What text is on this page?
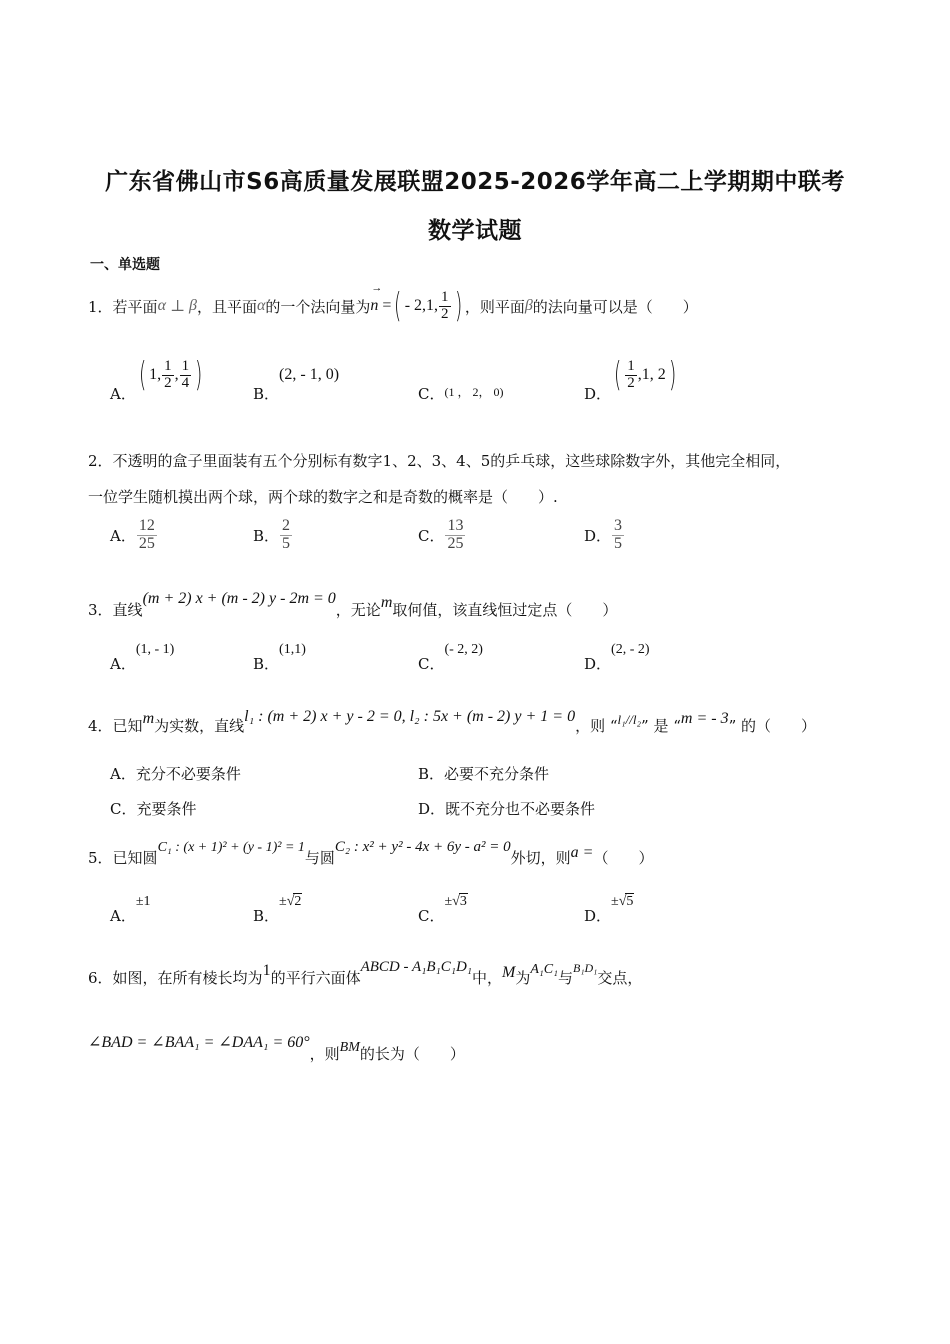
广东省佛山市S6高质量发展联盟2025-2026学年高二上学期期中联考
数学试题
一、单选题
1． 若平面 α ⊥ β ，且平面 α 的一个法向量为
→
n = ( - 2,1, $\frac{1}{2}$ ) ，则平面 β 的法向量可以是（　　）
A． ( 1, $\frac{1}{2}$ , $\frac{1}{4}$ )	B．
(2, - 1, 0)
C． (1 ， 2， 0)	D． ( $\frac{1}{2} ,1$, 2 )
2．不透明的盒子里面装有五个分别标有数字1、2、3、4、5的乒乓球，这些球除数字外，其他完全相同，
一位学生随机摸出两个球，两个球的数字之和是奇数的概率是（　　）.
A． $\frac{12}{25}$	B． $\frac{2}{5}$	C． $\frac{13}{25}$	D． $\frac{3}{5}$
3． 直线
(m + 2) x + (m - 2) y - 2m = 0
，无论 m 取何值，该直线恒过定点（　　）
A．
(1, - 1)
B．
(1,1)
C．
(- 2, 2)
D．
(2, - 2)
4． 已知 m 为实数，直线
l₁ : (m + 2) x + y - 2 = 0, l₂ : 5x + (m - 2) y + 1 = 0
，则 “ l₁//l₂ ” 是 “ m = - 3 ” 的（　　）
A．充分不必要条件	B．必要不充分条件
C．充要条件	D．既不充分也不必要条件
5． 已知圆
C₁ : (x + 1)² + (y - 1)² = 1
与圆
C₂ : x² + y² - 4x + 6y - a² = 0
外切，则 a = （　　）
A．
±1
B．
±√2
C．
±√3
D．
±√5
6． 如图，在所有棱长均为 1 的平行六面体
ABCD - A₁B₁C₁D₁
中， M 为 A₁C₁ 与
B₁D₁
交点，
∠BAD = ∠BAA₁ = ∠DAA₁ = 60°
，则 BM 的长为（　　）
